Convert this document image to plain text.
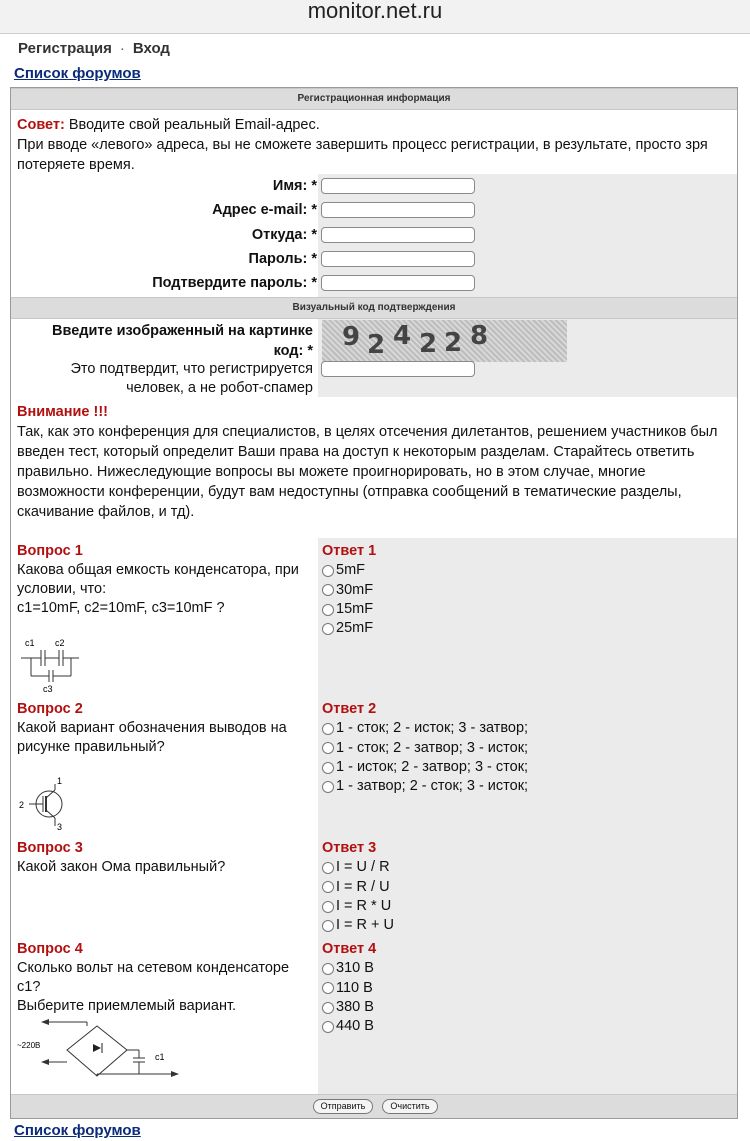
monitor.net.ru
Регистрация · Вход
Список форумов
Регистрационная информация
Совет: Вводите свой реальный Email-адрес.
При вводе «левого» адреса, вы не сможете завершить процесс регистрации, в результате, просто зря потеряете время.
Имя: *
Адрес e-mail: *
Откуда: *
Пароль: *
Подтвердите пароль: *
Визуальный код подтверждения
Введите изображенный на картинке код: * 9 2 4 2 2 8
Это подтвердит, что регистрируется человек, а не робот-спамер
Внимание !!!
Так, как это конференция для специалистов, в целях отсечения дилетантов, решением участников был введен тест, который определит Ваши права на доступ к некоторым разделам. Старайтесь ответить правильно. Нижеследующие вопросы вы можете проигнорировать, но в этом случае, многие возможности конференции, будут вам недоступны (отправка сообщений в тематические разделы, скачивание файлов, и тд).
Вопрос 1
Какова общая емкость конденсатора, при условии, что:
c1=10mF, c2=10mF, c3=10mF ?
c1 c2
c3
Ответ 1
5mF
30mF
15mF
25mF
Вопрос 2
Какой вариант обозначения выводов на рисунке правильный?
1
2
3
Ответ 2
1 - сток; 2 - исток; 3 - затвор;
1 - сток; 2 - затвор; 3 - исток;
1 - исток; 2 - затвор; 3 - сток;
1 - затвор; 2 - сток; 3 - исток;
Вопрос 3
Какой закон Ома правильный?
Ответ 3
I = U / R
I = R / U
I = R * U
I = R + U
Вопрос 4
Сколько вольт на сетевом конденсаторе c1?
Выберите приемлемый вариант.
~220В
c1
Ответ 4
310 В
110 В
380 В
440 В
Отправить	Очистить
Список форумов
